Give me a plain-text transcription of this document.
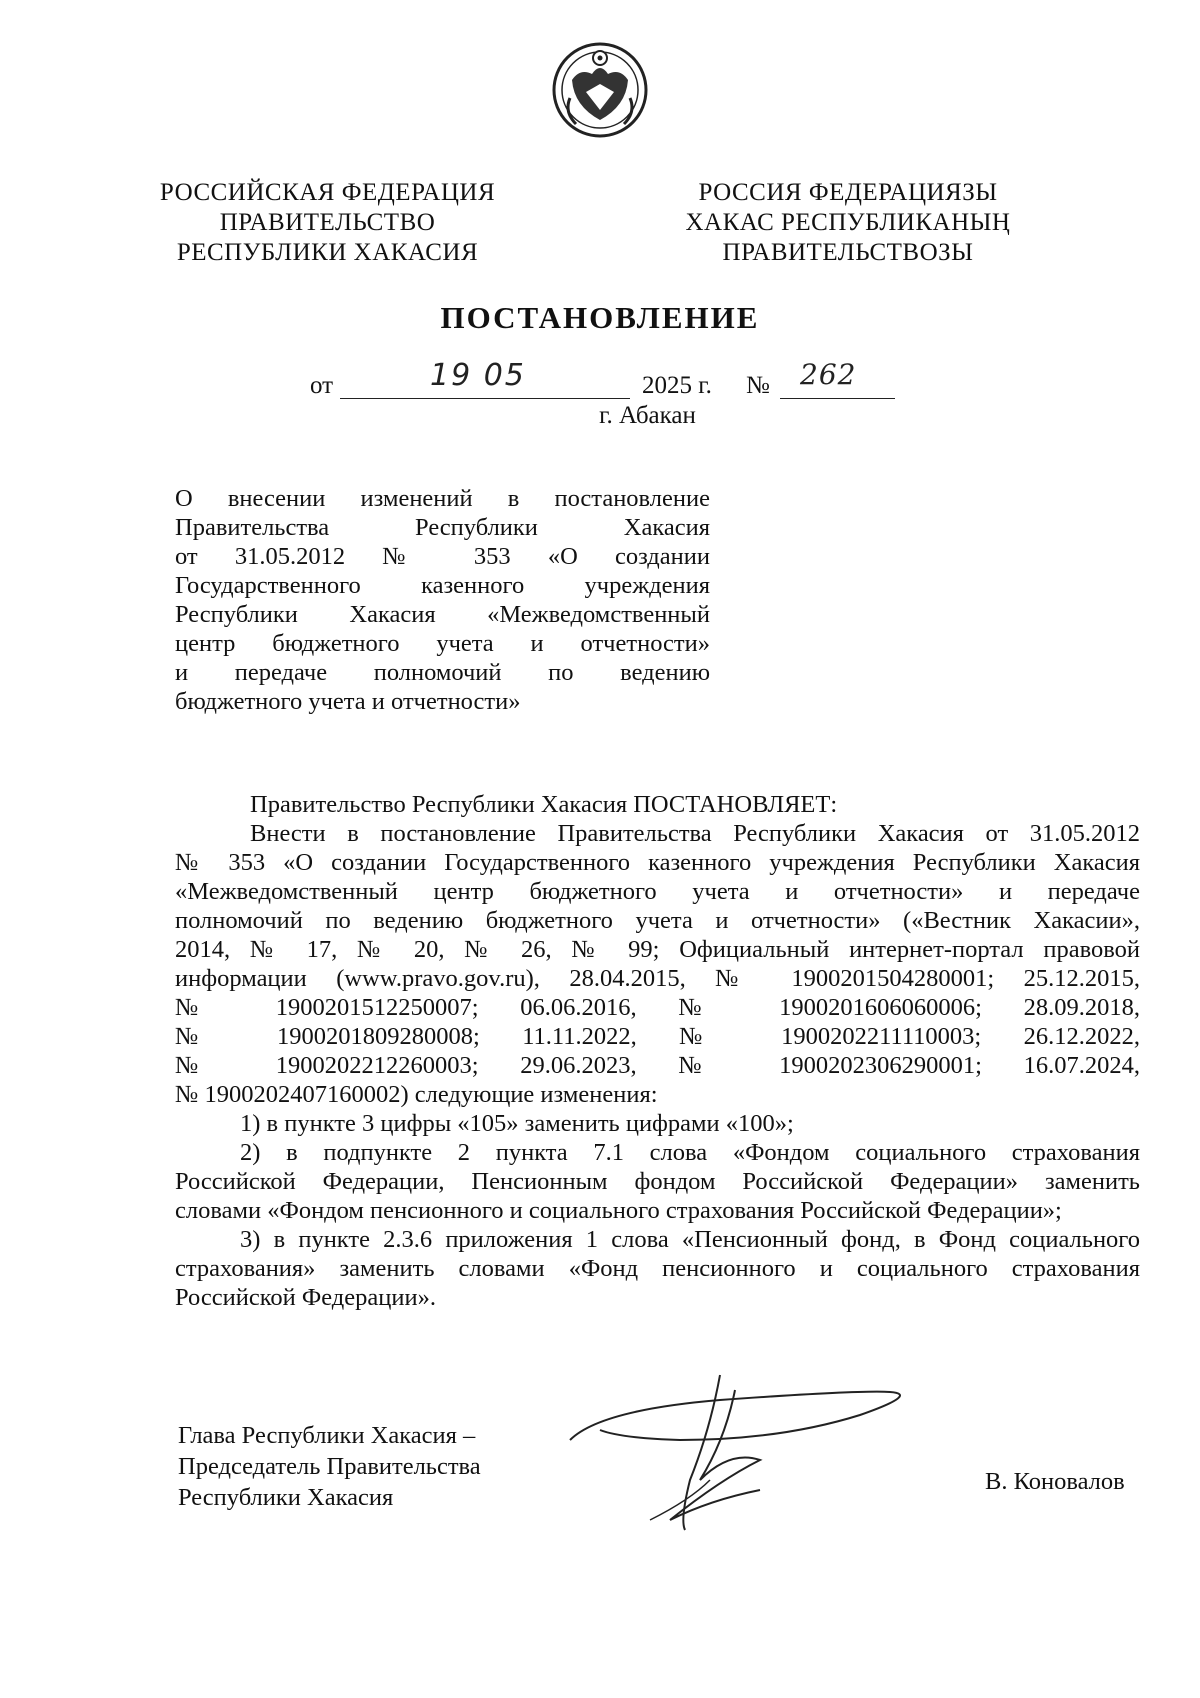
РОССИЙСКАЯ ФЕДЕРАЦИЯ
ПРАВИТЕЛЬСТВО
РЕСПУБЛИКИ ХАКАСИЯ
РОССИЯ ФЕДЕРАЦИЯЗЫ
ХАКАС РЕСПУБЛИКАНЫҢ
ПРАВИТЕЛЬСТВОЗЫ
ПОСТАНОВЛЕНИЕ
от	19 05	2025 г. № 262
г. Абакан
О внесении изменений в постановление
Правительства Республики Хакасия
от 31.05.2012 № 353 «О создании
Государственного казенного учреждения
Республики Хакасия «Межведомственный
центр бюджетного учета и отчетности»
и передаче полномочий по ведению
бюджетного учета и отчетности»
Правительство Республики Хакасия ПОСТАНОВЛЯЕТ:
Внести в постановление Правительства Республики Хакасия от 31.05.2012
№ 353 «О создании Государственного казенного учреждения Республики Хакасия
«Межведомственный центр бюджетного учета и отчетности» и передаче
полномочий по ведению бюджетного учета и отчетности» («Вестник Хакасии»,
2014, № 17, № 20, № 26, № 99; Официальный интернет-портал правовой
информации (www.pravo.gov.ru), 28.04.2015, № 1900201504280001; 25.12.2015,
№ 1900201512250007; 06.06.2016, № 1900201606060006; 28.09.2018,
№ 1900201809280008; 11.11.2022, № 1900202211110003; 26.12.2022,
№ 1900202212260003; 29.06.2023, № 1900202306290001; 16.07.2024,
№ 1900202407160002) следующие изменения:
1) в пункте 3 цифры «105» заменить цифрами «100»;
2) в подпункте 2 пункта 7.1 слова «Фондом социального страхования
Российской Федерации, Пенсионным фондом Российской Федерации» заменить
словами «Фондом пенсионного и социального страхования Российской Федерации»;
3) в пункте 2.3.6 приложения 1 слова «Пенсионный фонд, в Фонд социального
страхования» заменить словами «Фонд пенсионного и социального страхования
Российской Федерации».
Глава Республики Хакасия –
Председатель Правительства
Республики Хакасия
В. Коновалов
